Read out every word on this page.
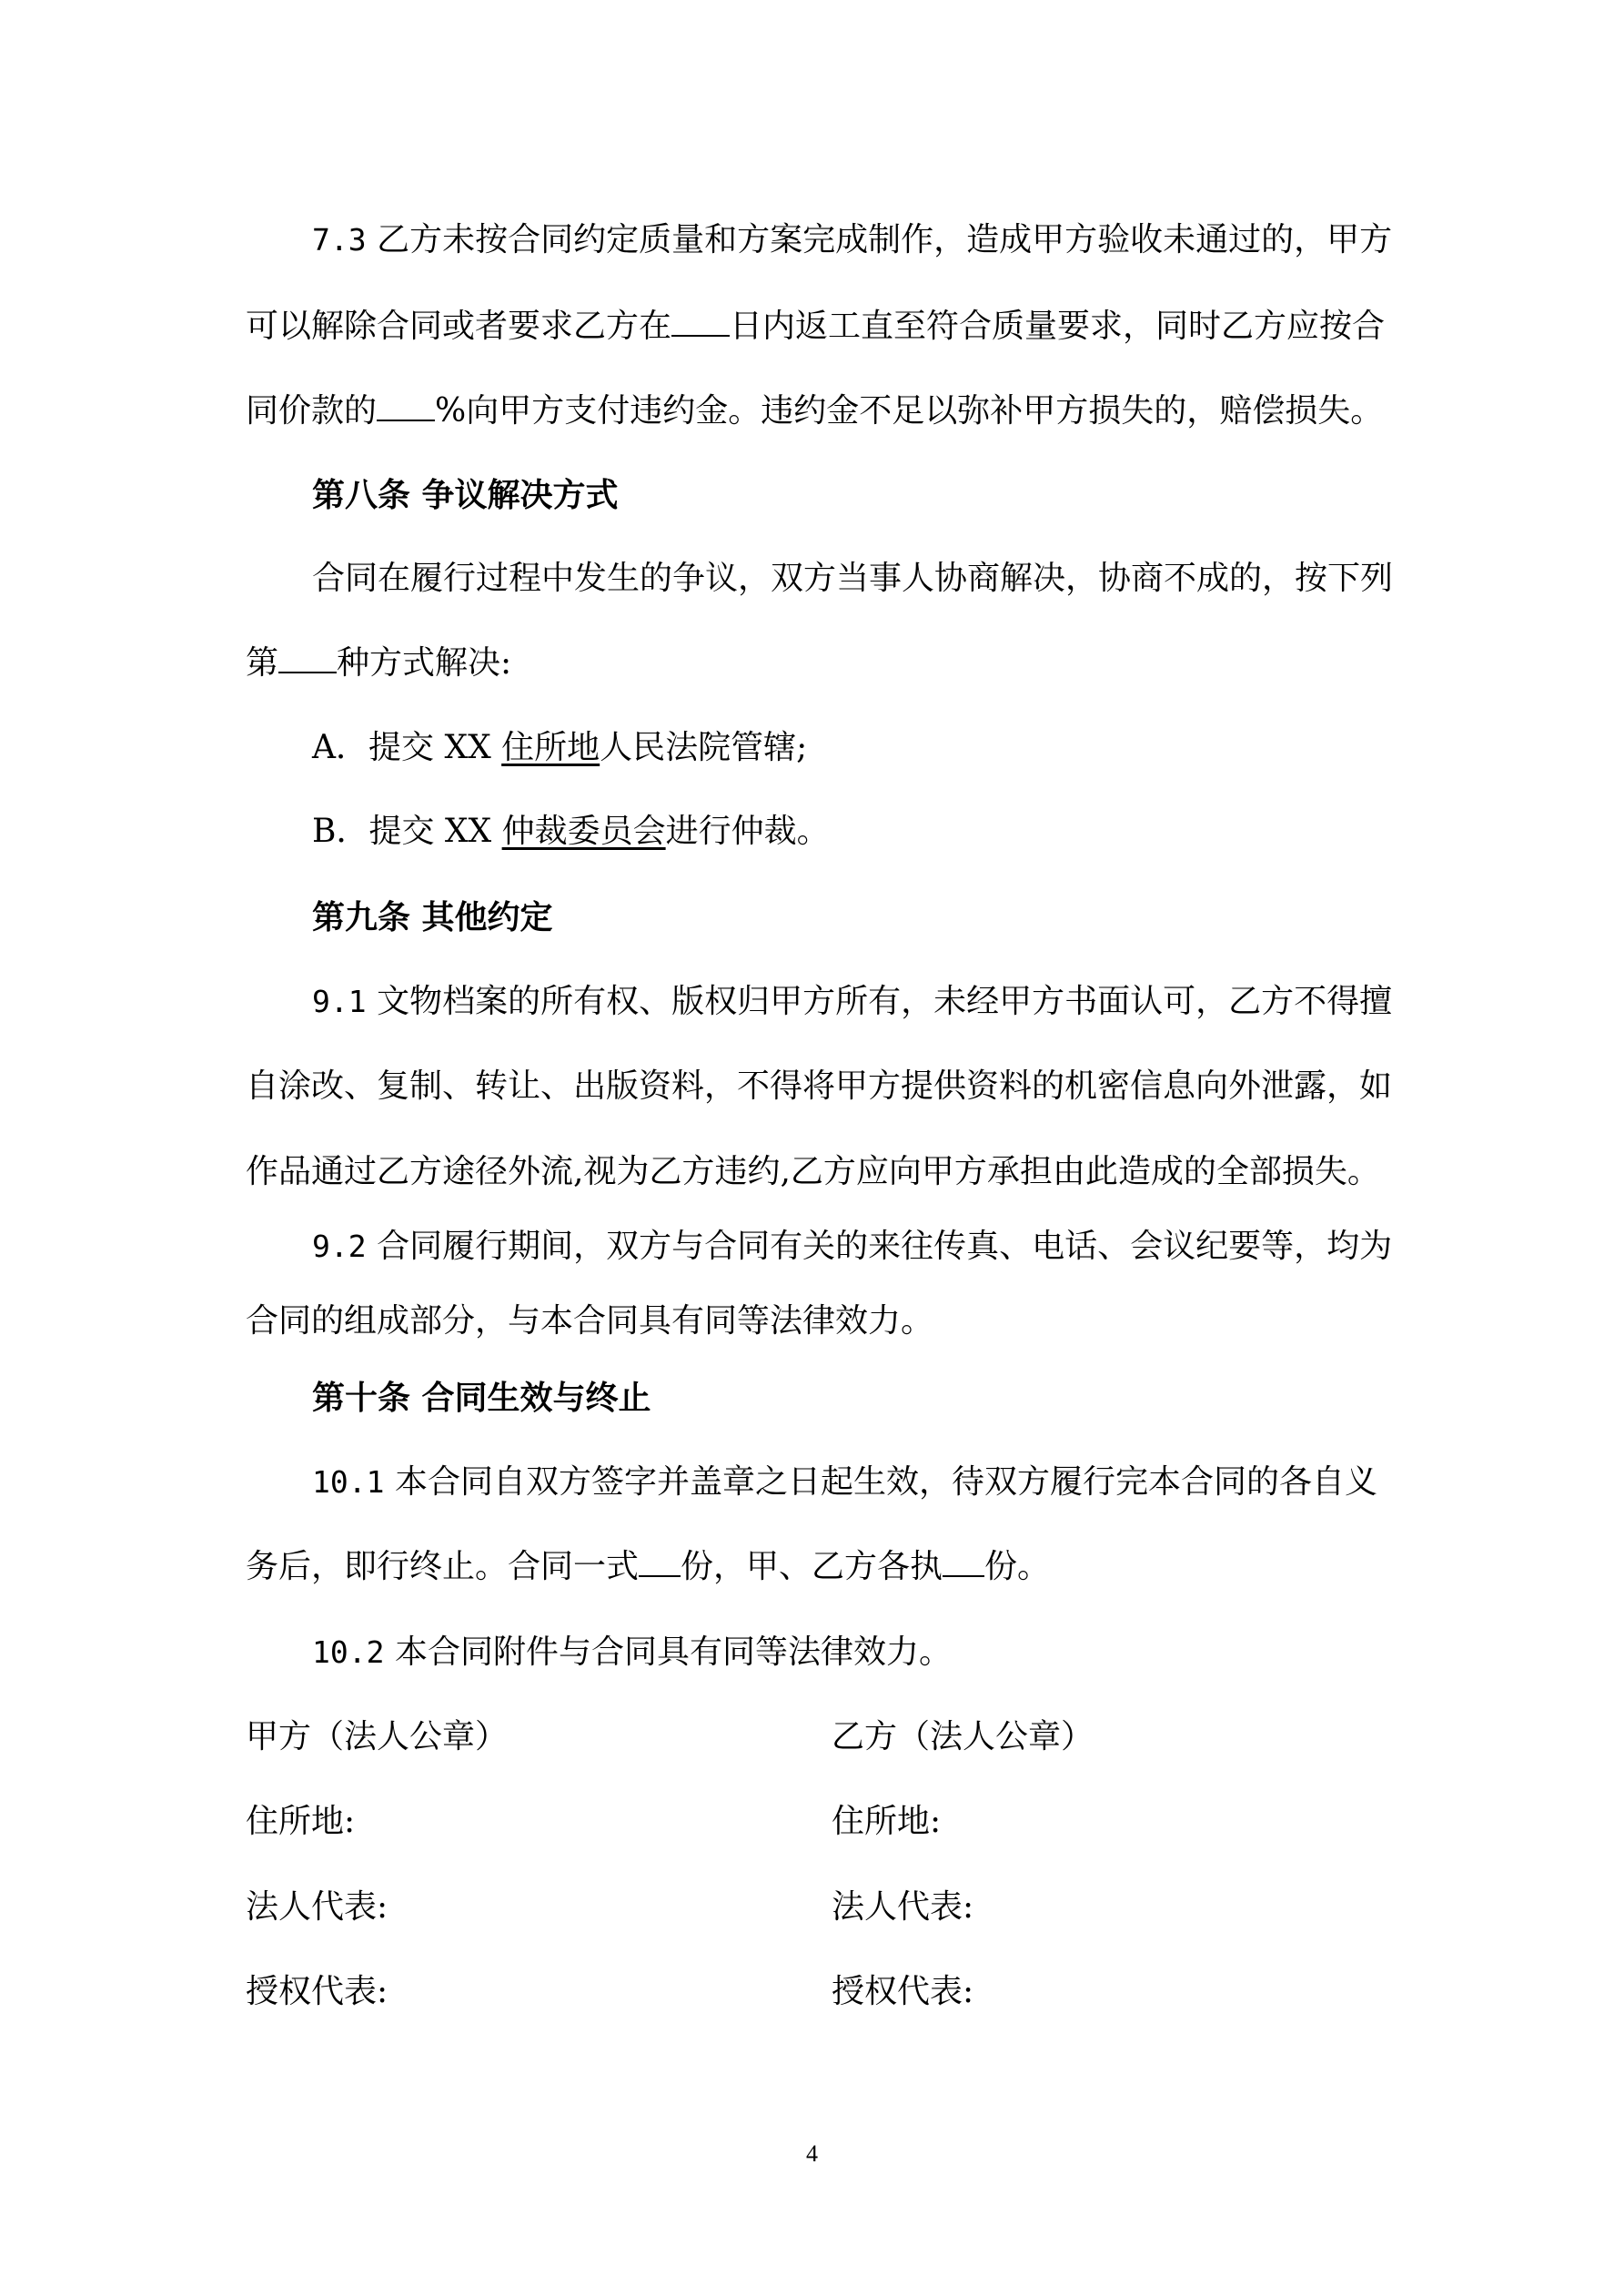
7.3 乙方未按合同约定质量和方案完成制作，造成甲方验收未通过的，甲方
可以解除合同或者要求乙方在 日内返工直至符合质量要求，同时乙方应按合
同价款的 %向甲方支付违约金。违约金不足以弥补甲方损失的，赔偿损失。
第八条 争议解决方式
合同在履行过程中发生的争议，双方当事人协商解决，协商不成的，按下列
第 种方式解决:
A．提交 XX 住所地人民法院管辖;
B．提交 XX 仲裁委员会进行仲裁。
第九条 其他约定
9.1 文物档案的所有权、版权归甲方所有，未经甲方书面认可，乙方不得擅
自涂改、复制、转让、出版资料，不得将甲方提供资料的机密信息向外泄露，如
作品通过乙方途径外流,视为乙方违约,乙方应向甲方承担由此造成的全部损失。
9.2 合同履行期间，双方与合同有关的来往传真、电话、会议纪要等，均为
合同的组成部分，与本合同具有同等法律效力。
第十条 合同生效与终止
10.1 本合同自双方签字并盖章之日起生效，待双方履行完本合同的各自义
务后，即行终止。合同一式 份，甲、乙方各执 份。
10.2 本合同附件与合同具有同等法律效力。
甲方（法人公章）
住所地:
法人代表:
授权代表:
乙方（法人公章）
住所地:
法人代表:
授权代表:
4
